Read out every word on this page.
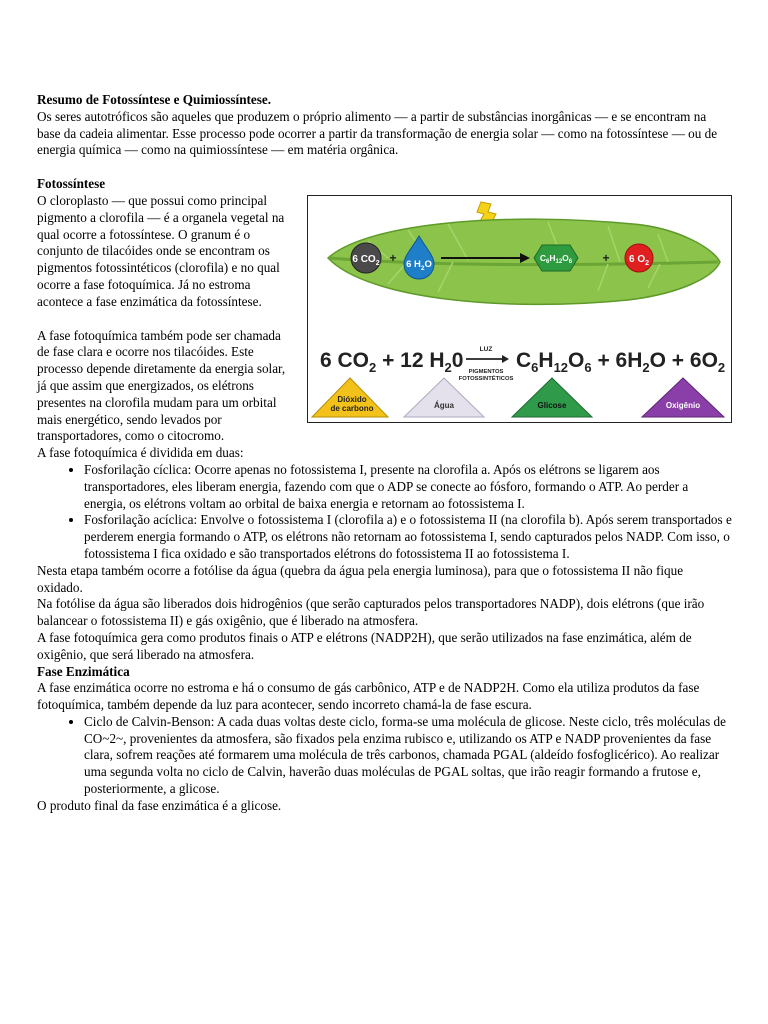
Resumo de Fotossíntese e Quimiossíntese.

Os seres autotróficos são aqueles que produzem o próprio alimento — a partir de substâncias inorgânicas — e se encontram na base da cadeia alimentar. Esse processo pode ocorrer a partir da transformação de energia solar — como na fotossíntese — ou de energia química — como na quimiossíntese — em matéria orgânica.

Fotossíntese

6 $CO_2 + 6$ $H_2O$
$C_6H_{12}O_6$	+ 6 $O_2$
6 $CO_2 + 12$ $H_20$ LUZ
PIGMENTOS
FOTOSSINTÉTICOS
$C_6H_{12}O_6 + 6H_2O + 6O_2$
Dióxido
de carbono	Água	Glicose	Oxigênio

O cloroplasto — que possui como principal pigmento a clorofila — é a organela vegetal na qual ocorre a fotossíntese. O granum é o conjunto de tilacóides onde se encontram os pigmentos fotossintéticos (clorofila) e no qual ocorre a fase fotoquímica. Já no estroma acontece a fase enzimática da fotossíntese.

A fase fotoquímica também pode ser chamada de fase clara e ocorre nos tilacóides. Este processo depende diretamente da energia solar, já que assim que energizados, os elétrons presentes na clorofila mudam para um orbital mais energético, sendo levados por transportadores, como o citocromo.

A fase fotoquímica é dividida em duas:

• Fosforilação cíclica: Ocorre apenas no fotossistema I, presente na clorofila a. Após os elétrons se ligarem aos transportadores, eles liberam energia, fazendo com que o ADP se conecte ao fósforo, formando o ATP. Ao perder a energia, os elétrons voltam ao orbital de baixa energia e retornam ao fotossistema I.
• Fosforilação acíclica: Envolve o fotossistema I (clorofila a) e o fotossistema II (na clorofila b). Após serem transportados e perderem energia formando o ATP, os elétrons não retornam ao fotossistema I, sendo capturados pelos NADP. Com isso, o fotossistema I fica oxidado e são transportados elétrons do fotossistema II ao fotossistema I.

Nesta etapa também ocorre a fotólise da água (quebra da água pela energia luminosa), para que o fotossistema II não fique oxidado.

Na fotólise da água são liberados dois hidrogênios (que serão capturados pelos transportadores NADP), dois elétrons (que irão balancear o fotossistema II) e gás oxigênio, que é liberado na atmosfera.

A fase fotoquímica gera como produtos finais o ATP e elétrons (NADP2H), que serão utilizados na fase enzimática, além de oxigênio, que será liberado na atmosfera.

Fase Enzimática

A fase enzimática ocorre no estroma e há o consumo de gás carbônico, ATP e de NADP2H. Como ela utiliza produtos da fase fotoquímica, também depende da luz para acontecer, sendo incorreto chamá-la de fase escura.

• Ciclo de Calvin-Benson: A cada duas voltas deste ciclo, forma-se uma molécula de glicose. Neste ciclo, três moléculas de CO~2~, provenientes da atmosfera, são fixados pela enzima rubisco e, utilizando os ATP e NADP provenientes da fase clara, sofrem reações até formarem uma molécula de três carbonos, chamada PGAL (aldeído fosfoglicérico). Ao realizar uma segunda volta no ciclo de Calvin, haverão duas moléculas de PGAL soltas, que irão reagir formando a frutose e, posteriormente, a glicose.

O produto final da fase enzimática é a glicose.
